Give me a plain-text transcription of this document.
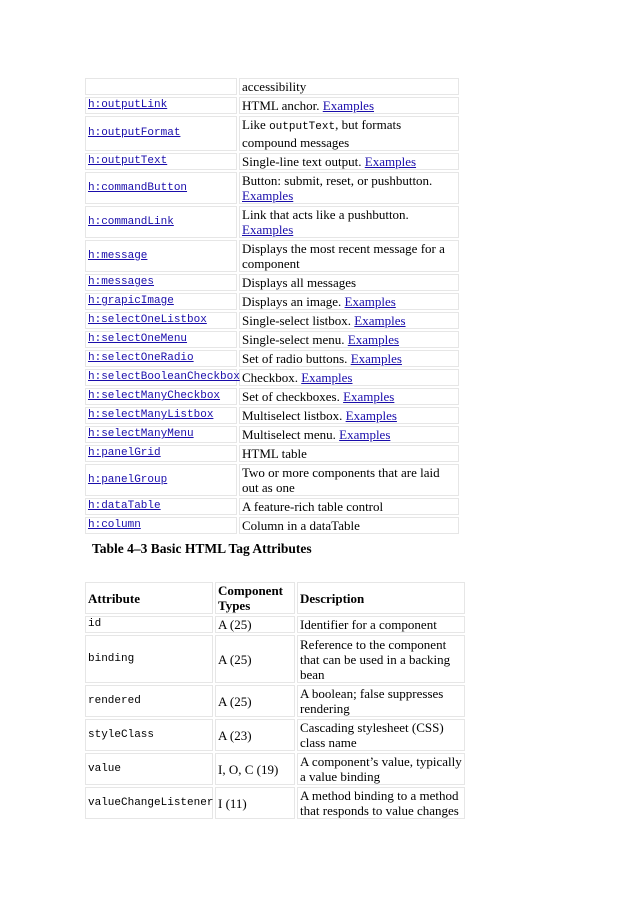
	accessibility
h:outputLink	HTML anchor. Examples
h:outputFormat	Like outputText, but formats compound messages
h:outputText	Single-line text output. Examples
h:commandButton	Button: submit, reset, or pushbutton. Examples
h:commandLink	Link that acts like a pushbutton. Examples
h:message	Displays the most recent message for a component
h:messages	Displays all messages
h:grapicImage	Displays an image. Examples
h:selectOneListbox	Single-select listbox. Examples
h:selectOneMenu	Single-select menu. Examples
h:selectOneRadio	Set of radio buttons. Examples
h:selectBooleanCheckbox	Checkbox. Examples
h:selectManyCheckbox	Set of checkboxes. Examples
h:selectManyListbox	Multiselect listbox. Examples
h:selectManyMenu	Multiselect menu. Examples
h:panelGrid	HTML table
h:panelGroup	Two or more components that are laid out as one
h:dataTable	A feature-rich table control
h:column	Column in a dataTable
Table 4–3 Basic HTML Tag Attributes
Attribute	Component Types	Description
id	A (25)	Identifier for a component
binding	A (25)	Reference to the component that can be used in a backing bean
rendered	A (25)	A boolean; false suppresses rendering
styleClass	A (23)	Cascading stylesheet (CSS) class name
value	I, O, C (19)	A component’s value, typically a value binding
valueChangeListener	I (11)	A method binding to a method that responds to value changes
